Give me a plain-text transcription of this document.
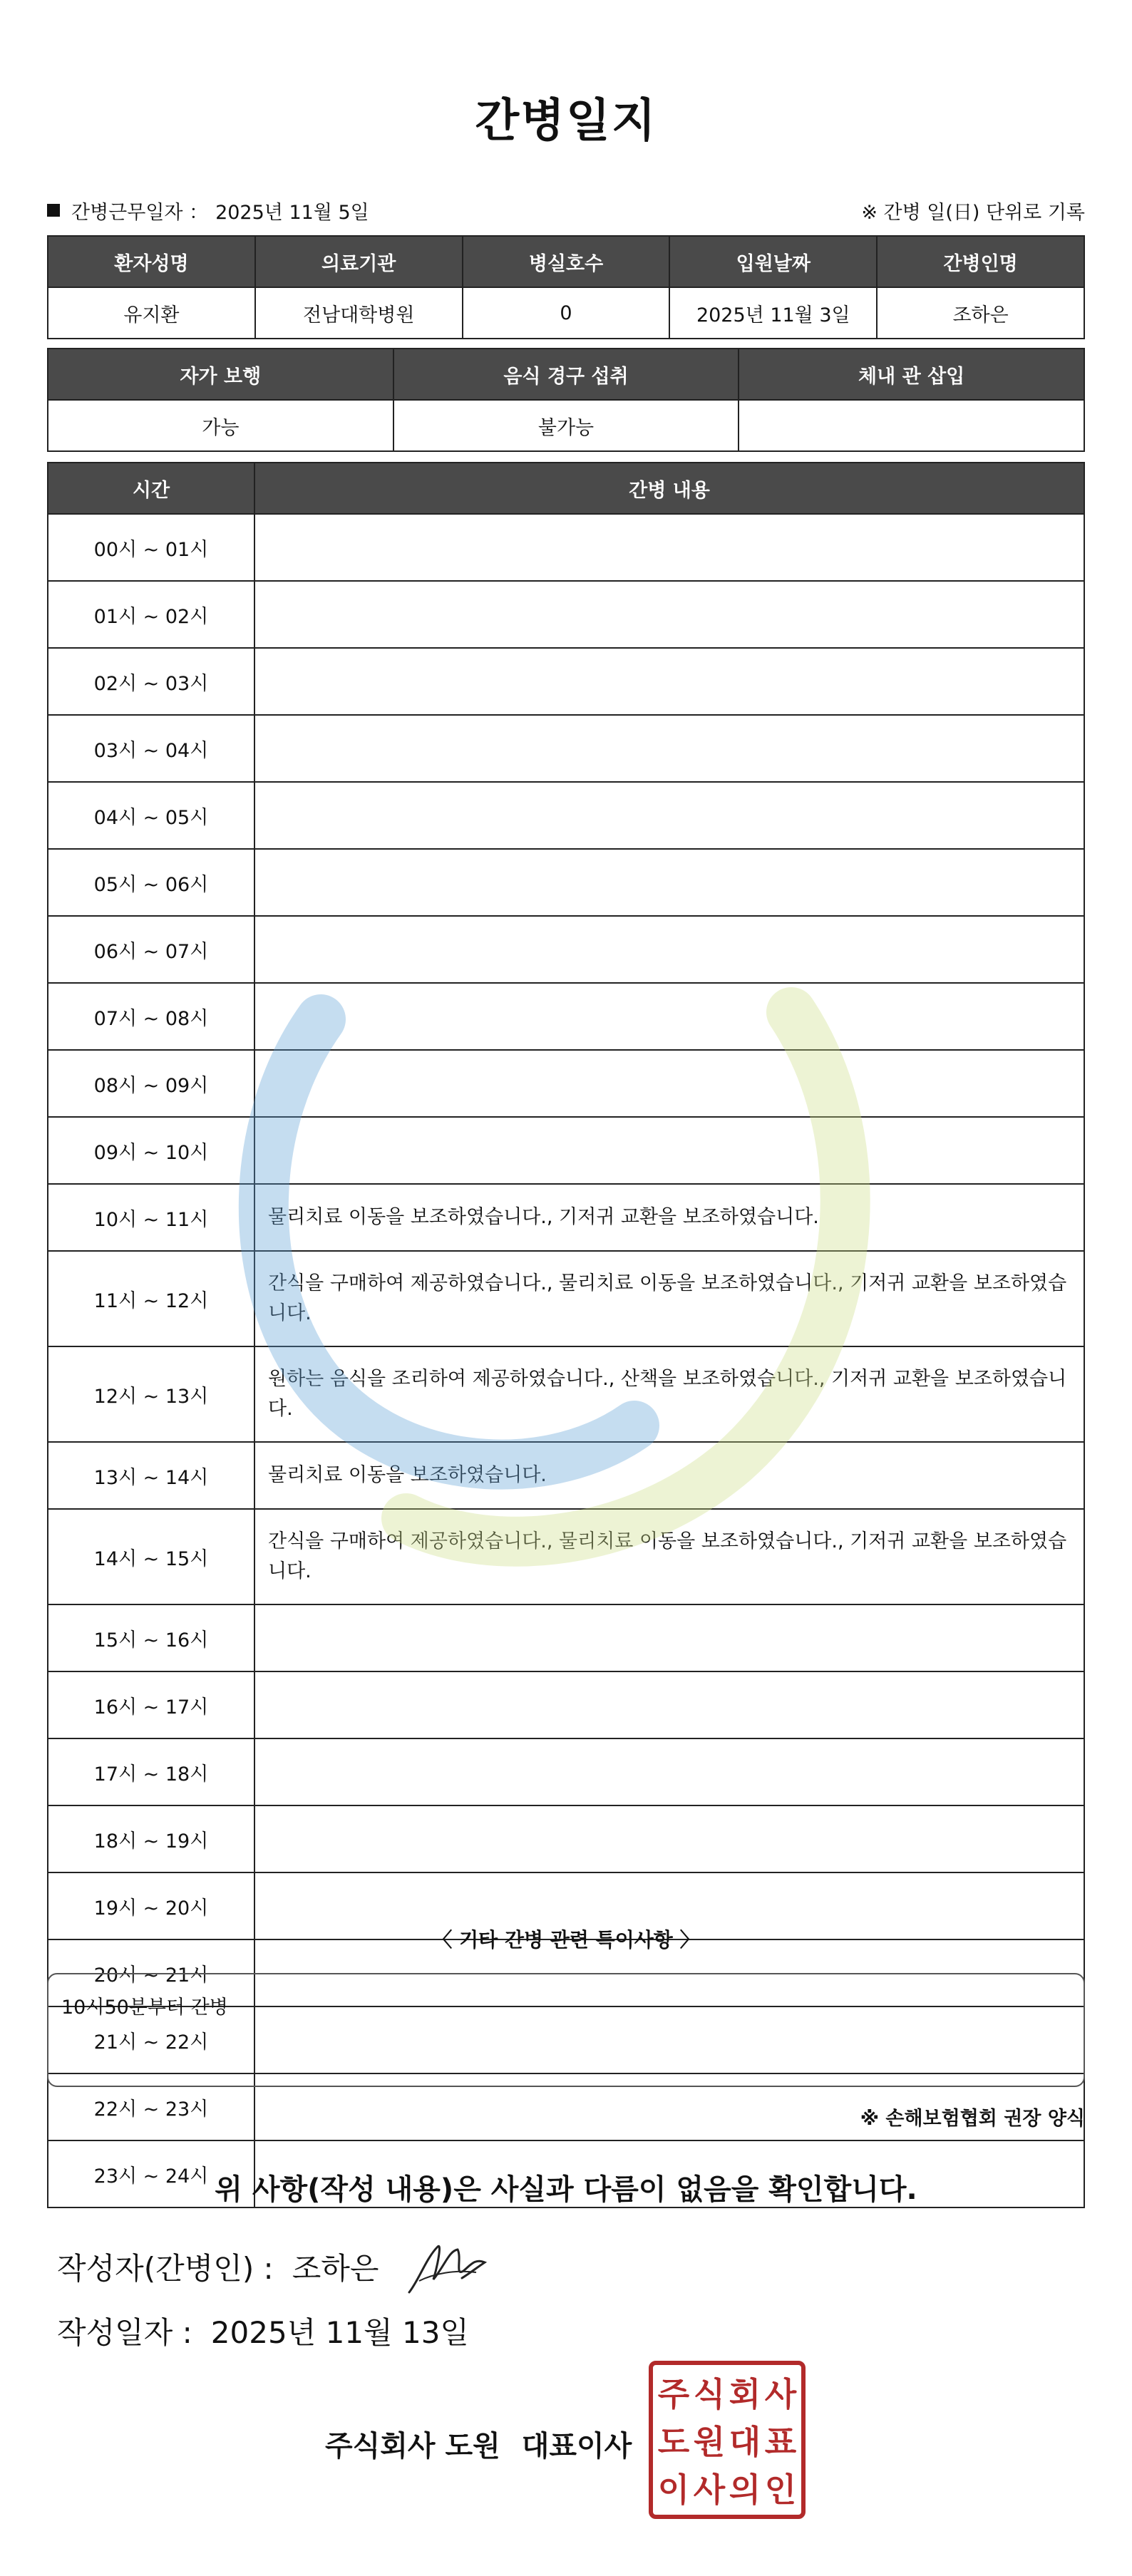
간병일지
간병근무일자 ： 2025년 11월 5일	※ 간병 일(日) 단위로 기록
환자성명	의료기관	병실호수	입원날짜	간병인명
유지환	전남대학병원	0	2025년 11월 3일	조하은
자가 보행	음식 경구 섭취	체내 관 삽입
가능	불가능	
시간	간병 내용
00시 ~ 01시	
01시 ~ 02시	
02시 ~ 03시	
03시 ~ 04시	
04시 ~ 05시	
05시 ~ 06시	
06시 ~ 07시	
07시 ~ 08시	
08시 ~ 09시	
09시 ~ 10시	
10시 ~ 11시	물리치료 이동을 보조하였습니다., 기저귀 교환을 보조하였습니다.
11시 ~ 12시	간식을 구매하여 제공하였습니다., 물리치료 이동을 보조하였습니다., 기저귀 교환을 보조하였습니다.
12시 ~ 13시	원하는 음식을 조리하여 제공하였습니다., 산책을 보조하였습니다., 기저귀 교환을 보조하였습니다.
13시 ~ 14시	물리치료 이동을 보조하였습니다.
14시 ~ 15시	간식을 구매하여 제공하였습니다., 물리치료 이동을 보조하였습니다., 기저귀 교환을 보조하였습니다.
15시 ~ 16시	
16시 ~ 17시	
17시 ~ 18시	
18시 ~ 19시	
19시 ~ 20시	
20시 ~ 21시	
21시 ~ 22시	
22시 ~ 23시	
23시 ~ 24시	
〈 기타 간병 관련 특이사항 〉
10시50분부터 간병
※ 손해보험협회 권장 양식
위 사항(작성 내용)은 사실과 다름이 없음을 확인합니다.
작성자(간병인) : 조하은
작성일자 : 2025년 11월 13일
주식회사 도원 대표이사
주 식 회 사
도 원 대 표
이 사 의 인
